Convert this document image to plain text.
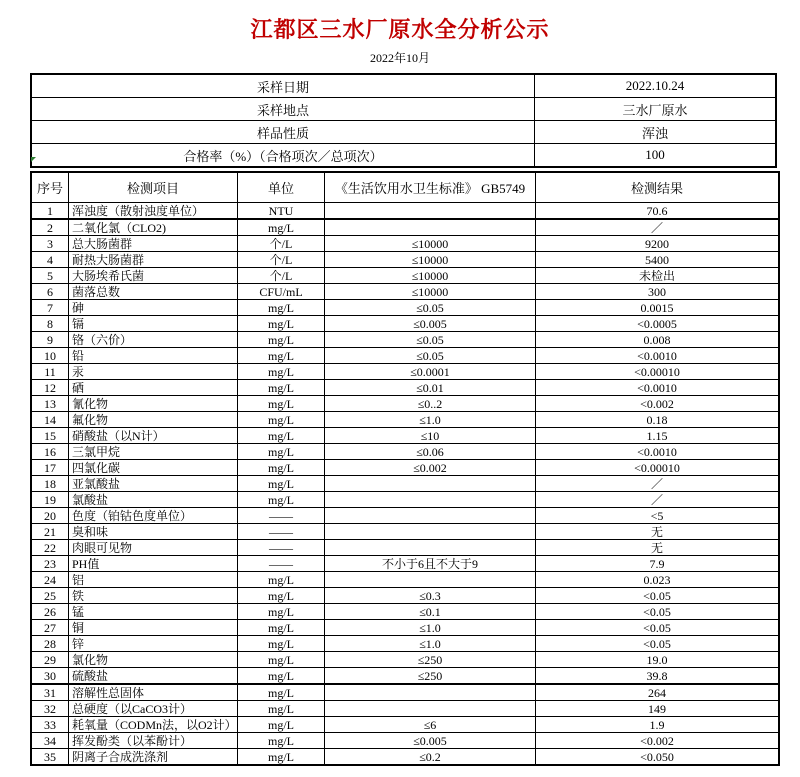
江都区三水厂原水全分析公示
2022年10月
采样日期	2022.10.24
采样地点	三水厂原水
样品性质	浑浊
合格率（%）（合格项次／总项次）	100
序号	检测项目	单位	《生活饮用水卫生标准》 GB5749	检测结果
1	浑浊度（散射浊度单位）	NTU		70.6
2	二氧化氯（CLO2)	mg/L		／
3	总大肠菌群	个/L	≤10000	9200
4	耐热大肠菌群	个/L	≤10000	5400
5	大肠埃希氏菌	个/L	≤10000	未检出
6	菌落总数	CFU/mL	≤10000	300
7	砷	mg/L	≤0.05	0.0015
8	镉	mg/L	≤0.005	<0.0005
9	铬（六价）	mg/L	≤0.05	0.008
10	铅	mg/L	≤0.05	<0.0010
11	汞	mg/L	≤0.0001	<0.00010
12	硒	mg/L	≤0.01	<0.0010
13	氰化物	mg/L	≤0..2	<0.002
14	氟化物	mg/L	≤1.0	0.18
15	硝酸盐（以N计）	mg/L	≤10	1.15
16	三氯甲烷	mg/L	≤0.06	<0.0010
17	四氯化碳	mg/L	≤0.002	<0.00010
18	亚氯酸盐	mg/L		／
19	氯酸盐	mg/L		／
20	色度（铂钴色度单位）	——		<5
21	臭和味	——		无
22	肉眼可见物	——		无
23	PH值	——	不小于6且不大于9	7.9
24	铝	mg/L		0.023
25	铁	mg/L	≤0.3	<0.05
26	锰	mg/L	≤0.1	<0.05
27	铜	mg/L	≤1.0	<0.05
28	锌	mg/L	≤1.0	<0.05
29	氯化物	mg/L	≤250	19.0
30	硫酸盐	mg/L	≤250	39.8
31	溶解性总固体	mg/L		264
32	总硬度（以CaCO3计）	mg/L		149
33	耗氧量（CODMn法，以O2计）	mg/L	≤6	1.9
34	挥发酚类（以苯酚计）	mg/L	≤0.005	<0.002
35	阴离子合成洗涤剂	mg/L	≤0.2	<0.050
